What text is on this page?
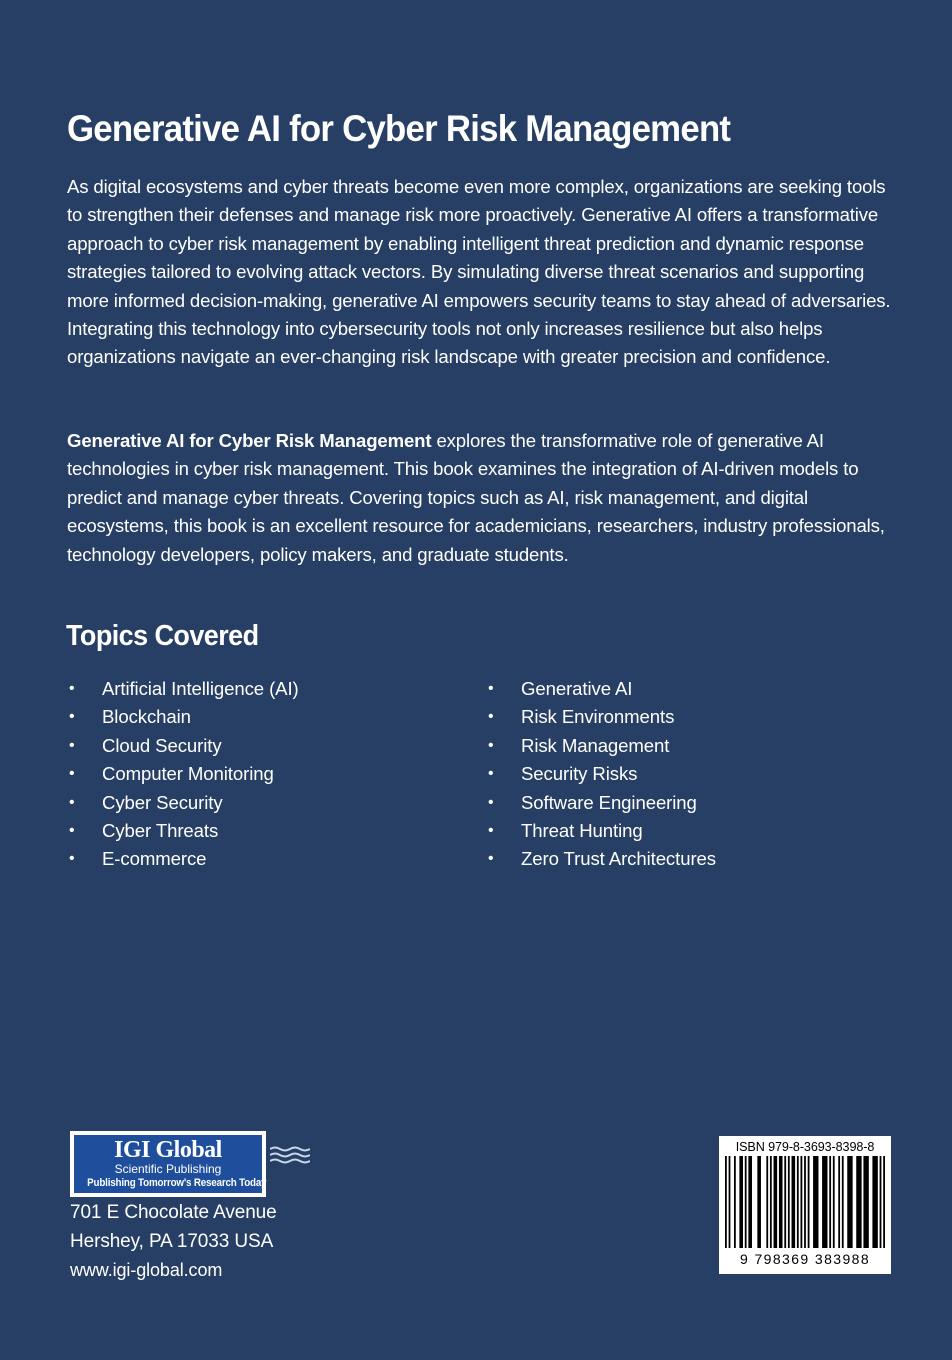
Generative AI for Cyber Risk Management

As digital ecosystems and cyber threats become even more complex, organizations are seeking tools to strengthen their defenses and manage risk more proactively. Generative AI offers a transformative approach to cyber risk management by enabling intelligent threat prediction and dynamic response strategies tailored to evolving attack vectors. By simulating diverse threat scenarios and supporting more informed decision-making, generative AI empowers security teams to stay ahead of adversaries. Integrating this technology into cybersecurity tools not only increases resilience but also helps organizations navigate an ever-changing risk landscape with greater precision and confidence.

Generative AI for Cyber Risk Management explores the transformative role of generative AI technologies in cyber risk management. This book examines the integration of AI-driven models to predict and manage cyber threats. Covering topics such as AI, risk management, and digital ecosystems, this book is an excellent resource for academicians, researchers, industry professionals, technology developers, policy makers, and graduate students.

Topics Covered
• Artificial Intelligence (AI)
• Blockchain
• Cloud Security
• Computer Monitoring
• Cyber Security
• Cyber Threats
• E-commerce
• Generative AI
• Risk Environments
• Risk Management
• Security Risks
• Software Engineering
• Threat Hunting
• Zero Trust Architectures
IGI Global
Scientific Publishing
Publishing Tomorrow's Research Today
701 E Chocolate Avenue
Hershey, PA 17033 USA
www.igi-global.com
ISBN 979-8-3693-8398-8
9 798369 383988
